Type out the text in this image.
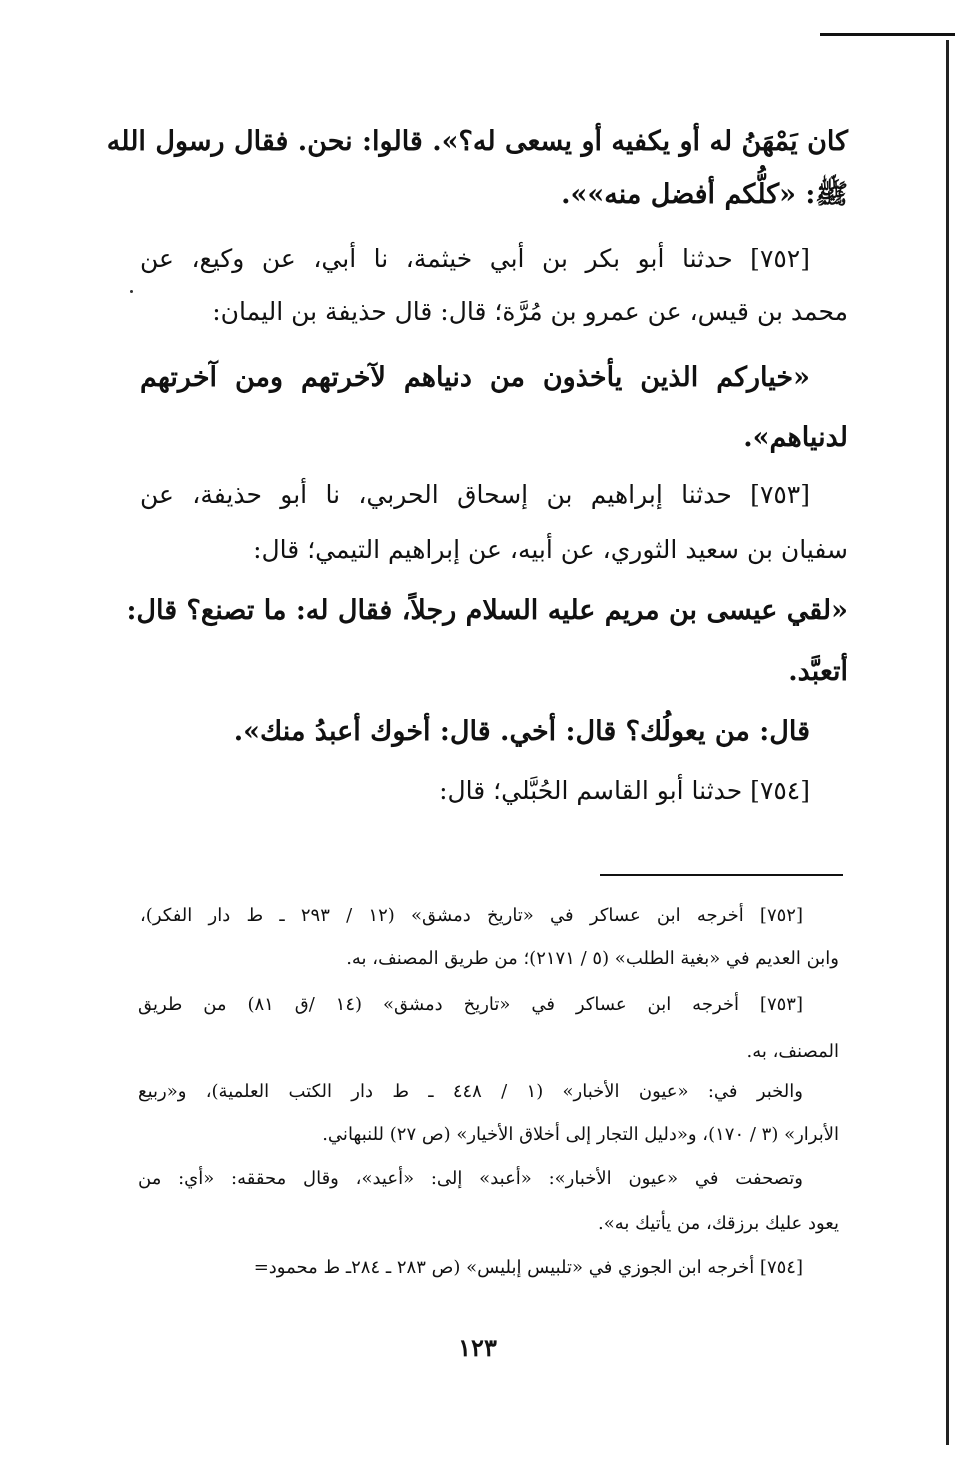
كان يَمْهَنُ له أو يكفيه أو يسعى له؟». قالوا: نحن. فقال رسول الله
ﷺ: «كلُّكم أفضل منه»».
[٧٥٢] حدثنا أبو بكر بن أبي خيثمة، نا أبي، عن وكيع، عن
محمد بن قيس، عن عمرو بن مُرَّة؛ قال: قال حذيفة بن اليمان:
«خياركم الذين يأخذون من دنياهم لآخرتهم ومن آخرتهم
لدنياهم».
[٧٥٣] حدثنا إبراهيم بن إسحاق الحربي، نا أبو حذيفة، عن
سفيان بن سعيد الثوري، عن أبيه، عن إبراهيم التيمي؛ قال:
«لقي عيسى بن مريم عليه السلام رجلاً، فقال له: ما تصنع؟ قال:
أتعبَّد.
قال: من يعولُك؟ قال: أخي. قال: أخوك أعبدُ منك».
[٧٥٤] حدثنا أبو القاسم الحُبَّلي؛ قال:
[٧٥٢] أخرجه ابن عساكر في «تاريخ دمشق» (١٢ / ٢٩٣ ـ ط دار الفكر)،
وابن العديم في «بغية الطلب» (٥ / ٢١٧١)؛ من طريق المصنف، به.
[٧٥٣] أخرجه ابن عساكر في «تاريخ دمشق» (١٤ /ق ٨١) من طريق
المصنف، به.
والخبر في: «عيون الأخبار» (١ / ٤٤٨ ـ ط دار الكتب العلمية)، و«ربيع
الأبرار» (٣ / ١٧٠)، و«دليل التجار إلى أخلاق الأخيار» (ص ٢٧) للنبهاني.
وتصحفت في «عيون الأخبار»: «أعبد» إلى: «أعيد»، وقال محققه: «أي: من
يعود عليك برزقك، من يأتيك به».
[٧٥٤] أخرجه ابن الجوزي في «تلبيس إبليس» (ص ٢٨٣ ـ ٢٨٤ـ ط محمود=
١٢٣
